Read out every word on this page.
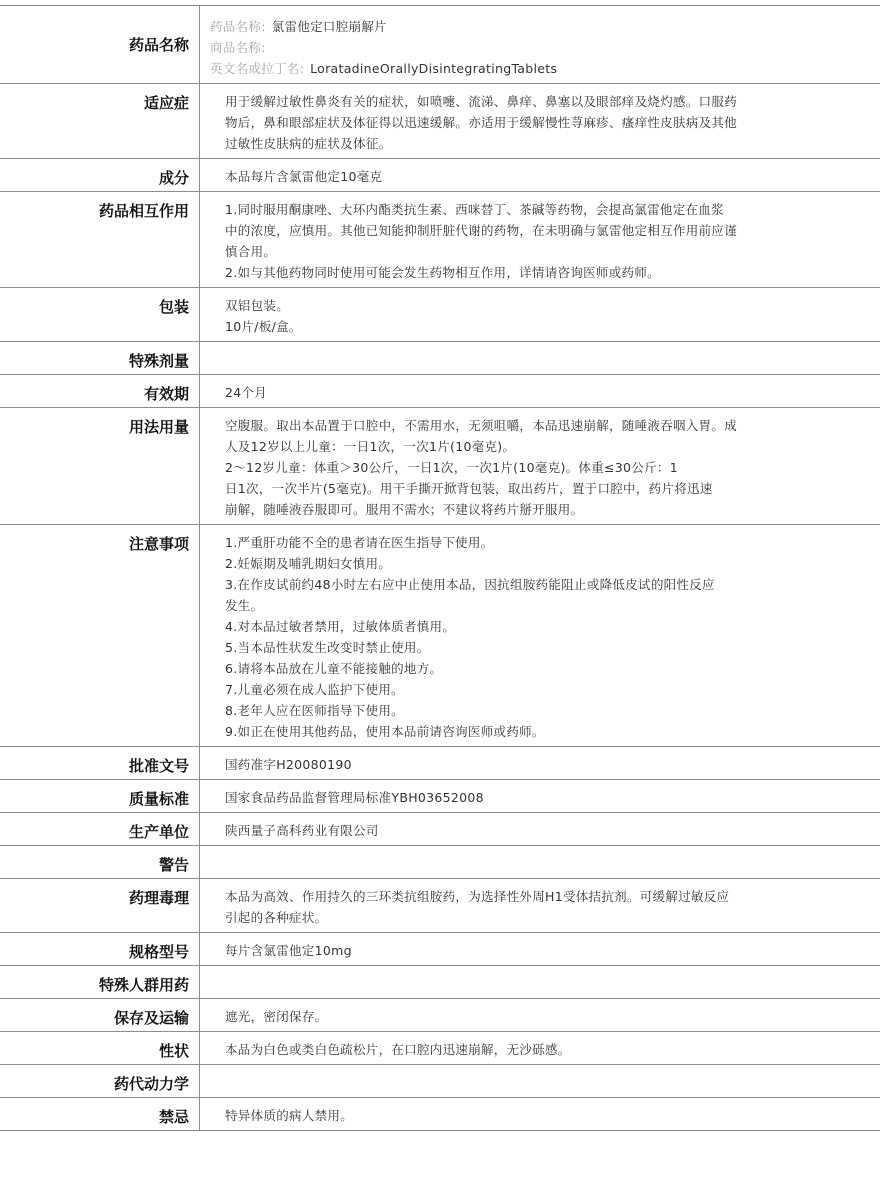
药品名称
药品名称: 氯雷他定口腔崩解片
商品名称:
英文名或拉丁名: LoratadineOrallyDisintegratingTablets
适应症	用于缓解过敏性鼻炎有关的症状，如喷嚏、流涕、鼻痒、鼻塞以及眼部痒及烧灼感。口服药
物后，鼻和眼部症状及体征得以迅速缓解。亦适用于缓解慢性荨麻疹、瘙痒性皮肤病及其他
过敏性皮肤病的症状及体征。
成分	本品每片含氯雷他定10毫克
药品相互作用	1.同时服用酮康唑、大环内酯类抗生素、西咪替丁、茶碱等药物，会提高氯雷他定在血浆
中的浓度，应慎用。其他已知能抑制肝脏代谢的药物，在未明确与氯雷他定相互作用前应谨
慎合用。
2.如与其他药物同时使用可能会发生药物相互作用，详情请咨询医师或药师。
包装	双铝包装。
10片/板/盒。
特殊剂量
有效期	24个月
用法用量	空腹服。取出本品置于口腔中，不需用水，无须咀嚼，本品迅速崩解，随唾液吞咽入胃。成
人及12岁以上儿童：一日1次，一次1片(10毫克)。
2～12岁儿童：体重＞30公斤，一日1次，一次1片(10毫克)。体重≤30公斤：1
日1次，一次半片(5毫克)。用干手撕开掀背包装，取出药片，置于口腔中，药片将迅速
崩解，随唾液吞服即可。服用不需水；不建议将药片掰开服用。
注意事项	1.严重肝功能不全的患者请在医生指导下使用。
2.妊娠期及哺乳期妇女慎用。
3.在作皮试前约48小时左右应中止使用本品，因抗组胺药能阻止或降低皮试的阳性反应
发生。
4.对本品过敏者禁用，过敏体质者慎用。
5.当本品性状发生改变时禁止使用。
6.请将本品放在儿童不能接触的地方。
7.儿童必须在成人监护下使用。
8.老年人应在医师指导下使用。
9.如正在使用其他药品，使用本品前请咨询医师或药师。
批准文号	国药准字H20080190
质量标准	国家食品药品监督管理局标准YBH03652008
生产单位	陕西量子高科药业有限公司
警告
药理毒理	本品为高效、作用持久的三环类抗组胺药，为选择性外周H1受体拮抗剂。可缓解过敏反应
引起的各种症状。
规格型号	每片含氯雷他定10mg
特殊人群用药
保存及运输	遮光，密闭保存。
性状	本品为白色或类白色疏松片，在口腔内迅速崩解，无沙砾感。
药代动力学
禁忌	特异体质的病人禁用。
